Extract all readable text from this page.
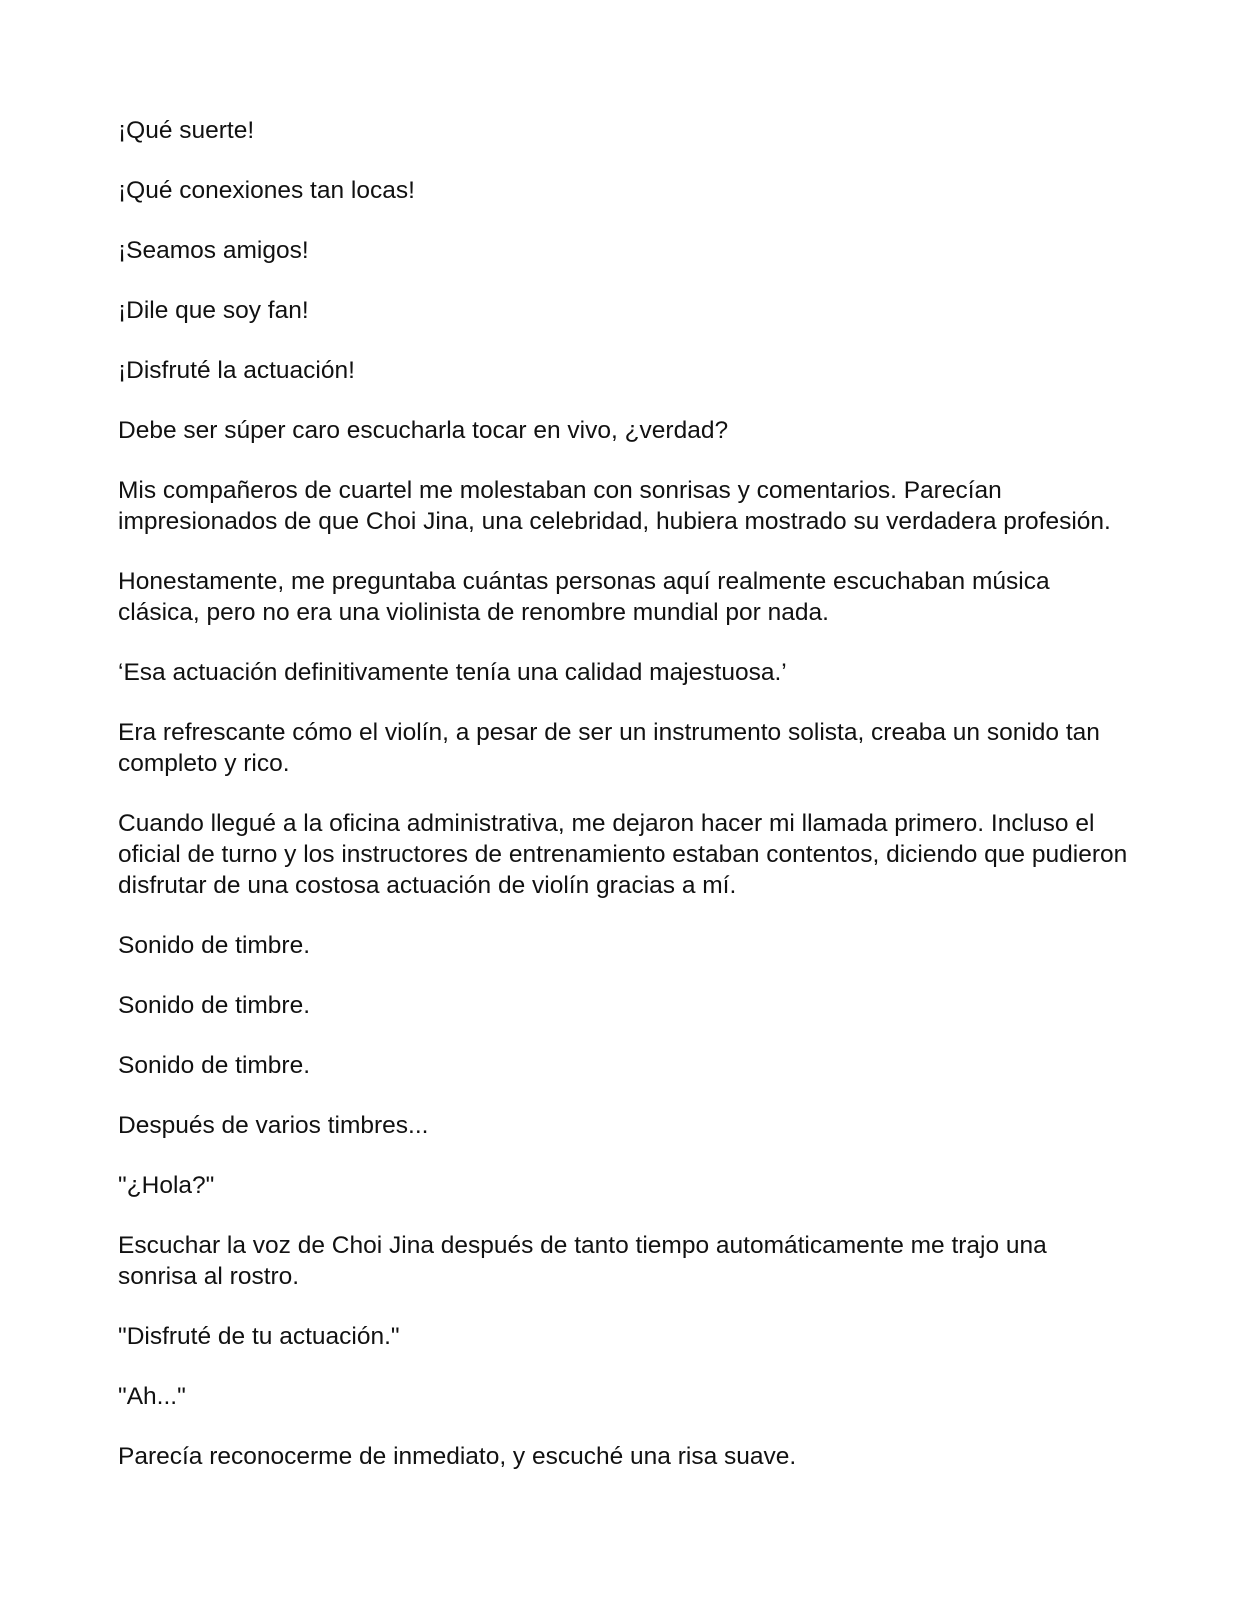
¡Qué suerte!

¡Qué conexiones tan locas!

¡Seamos amigos!

¡Dile que soy fan!

¡Disfruté la actuación!

Debe ser súper caro escucharla tocar en vivo, ¿verdad?

Mis compañeros de cuartel me molestaban con sonrisas y comentarios. Parecían impresionados de que Choi Jina, una celebridad, hubiera mostrado su verdadera profesión.

Honestamente, me preguntaba cuántas personas aquí realmente escuchaban música clásica, pero no era una violinista de renombre mundial por nada.

‘Esa actuación definitivamente tenía una calidad majestuosa.’

Era refrescante cómo el violín, a pesar de ser un instrumento solista, creaba un sonido tan completo y rico.

Cuando llegué a la oficina administrativa, me dejaron hacer mi llamada primero. Incluso el oficial de turno y los instructores de entrenamiento estaban contentos, diciendo que pudieron disfrutar de una costosa actuación de violín gracias a mí.

Sonido de timbre.

Sonido de timbre.

Sonido de timbre.

Después de varios timbres...

"¿Hola?"

Escuchar la voz de Choi Jina después de tanto tiempo automáticamente me trajo una sonrisa al rostro.

"Disfruté de tu actuación."

"Ah..."

Parecía reconocerme de inmediato, y escuché una risa suave.
